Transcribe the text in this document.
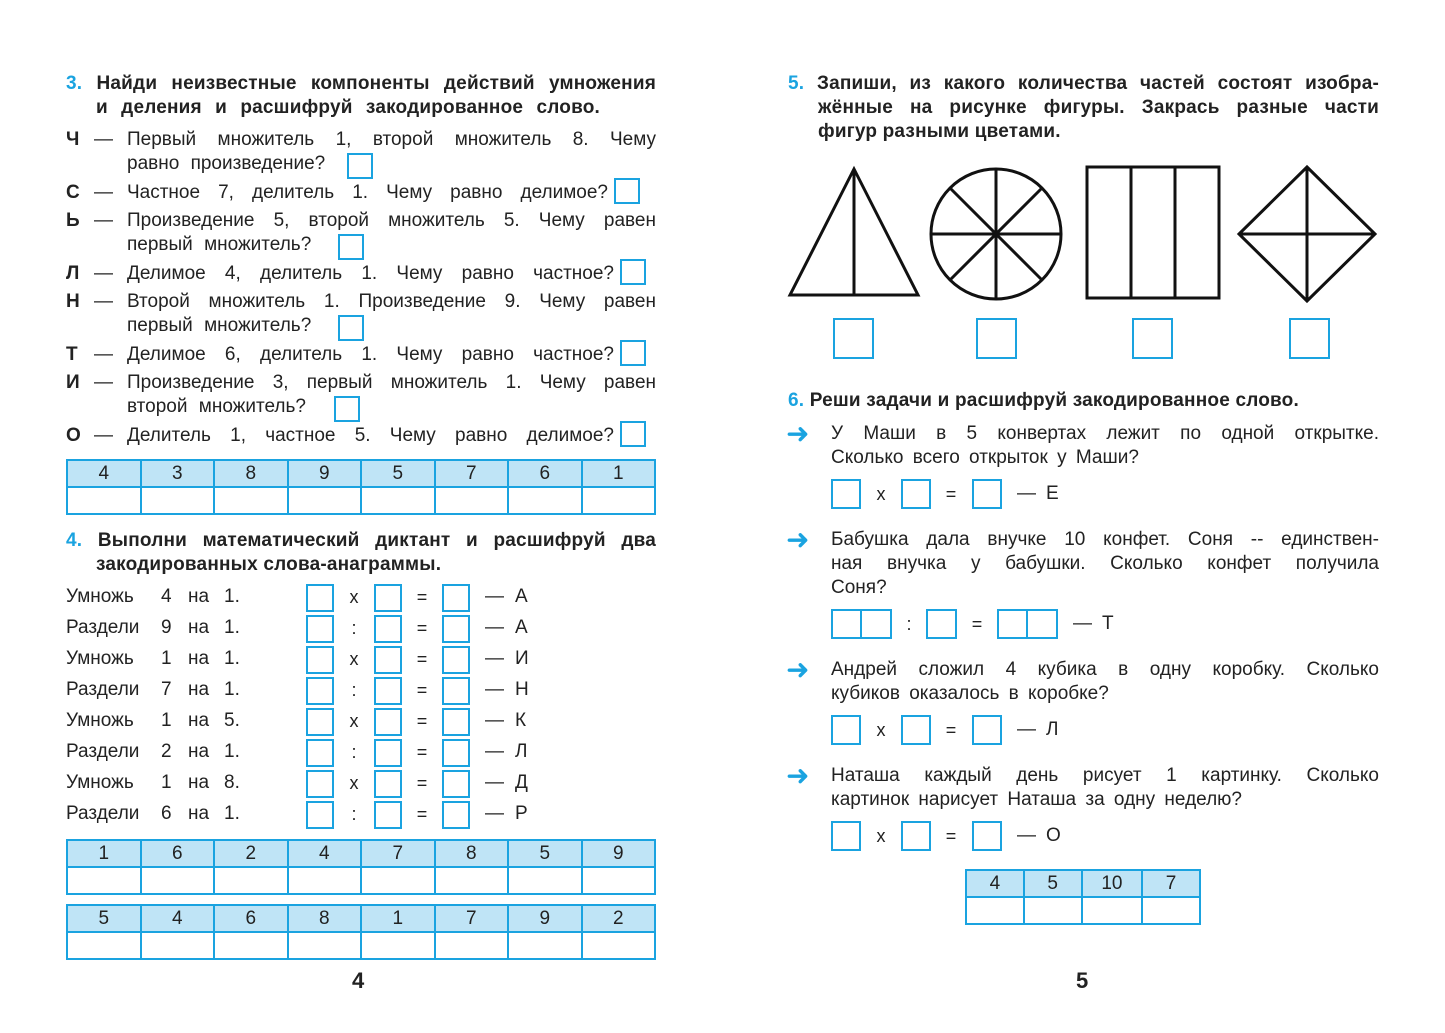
3. Найди неизвестные компоненты действий умножения
и деления и расшифруй закодированное слово.
Ч — Первый множитель 1, второй множитель 8. Чему
равно произведение?
С — Частное 7, делитель 1. Чему равно делимое?
Ь — Произведение 5, второй множитель 5. Чему равен
первый множитель?
Л — Делимое 4, делитель 1. Чему равно частное?
Н — Второй множитель 1. Произведение 9. Чему равен
первый множитель?
Т — Делимое 6, делитель 1. Чему равно частное?
И — Произведение 3, первый множитель 1. Чему равен
второй множитель?
О — Делитель 1, частное 5. Чему равно делимое?
4	3	8	9	5	7	6	1

4. Выполни математический диктант и расшифруй два
закодированных слова-анаграммы.
Умножь 4 на 1.	х	=	— А
Раздели 9 на 1.	:	=	— А
Умножь 1 на 1.	х	=	— И
Раздели 7 на 1.	:	=	— Н
Умножь 1 на 5.	х	=	— К
Раздели 2 на 1.	:	=	— Л
Умножь 1 на 8.	х	=	— Д
Раздели 6 на 1.	:	=	— Р
1	6	2	4	7	8	5	9

5	4	6	8	1	7	9	2

4
5. Запиши, из какого количества частей состоят изобра-
жённые на рисунке фигуры. Закрась разные части
фигур разными цветами.
6. Реши задачи и расшифруй закодированное слово.
➜ У Маши в 5 конвертах лежит по одной открытке.
Сколько всего открыток у Маши?
х	=	— Е
➜ Бабушка дала внучке 10 конфет. Соня -- единствен-
ная внучка у бабушки. Сколько конфет получила
Соня?
:	=	— Т
➜ Андрей сложил 4 кубика в одну коробку. Сколько
кубиков оказалось в коробке?
х	=	— Л
➜ Наташа каждый день рисует 1 картинку. Сколько
картинок нарисует Наташа за одну неделю?
х	=	— О
4	5	10	7

5
